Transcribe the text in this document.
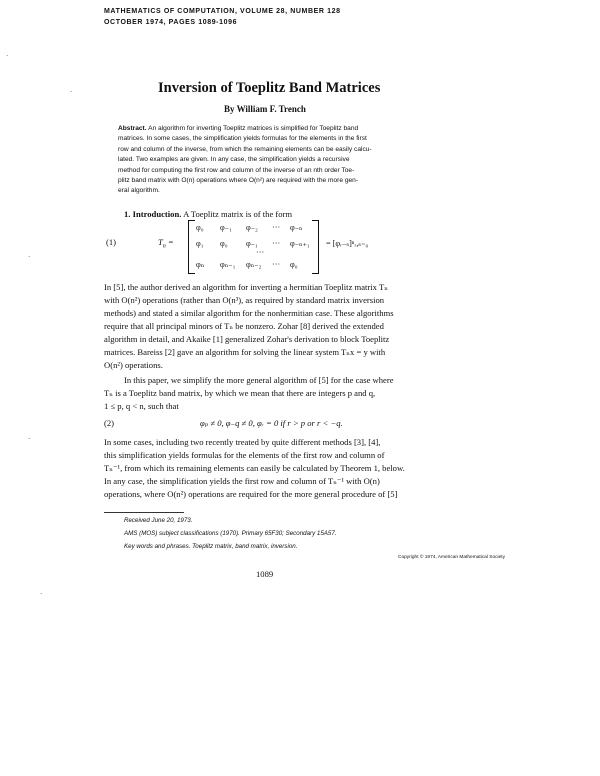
MATHEMATICS OF COMPUTATION, VOLUME 28, NUMBER 128
OCTOBER 1974, PAGES 1089-1096
·
·
·
·
·
Inversion of Toeplitz Band Matrices
By William F. Trench
Abstract. An algorithm for inverting Toeplitz matrices is simplified for Toeplitz band
matrices. In some cases, the simplification yields formulas for the elements in the first
row and column of the inverse, from which the remaining elements can be easily calcu-
lated. Two examples are given. In any case, the simplification yields a recursive
method for computing the first row and column of the inverse of an nth order Toe-
plitz band matrix with O(n) operations where O(n²) are required with the more gen-
eral algorithm.
1. Introduction. A Toeplitz matrix is of the form
(1)	$T_n$ =
φ₀ φ₋₁ φ₋₂ ··· φ₋ₙ
φ₁ φ₀ φ₋₁ ··· φ₋ₙ₊₁
···
φₙ φₙ₋₁ φₙ₋₂ ··· φ₀
= [φᵣ₋ₛ]ⁿᵣ,ₛ₌₀
In [5], the author derived an algorithm for inverting a hermitian Toeplitz matrix Tₙ
with O(n²) operations (rather than O(n³), as required by standard matrix inversion
methods) and stated a similar algorithm for the nonhermitian case. These algorithms
require that all principal minors of Tₙ be nonzero. Zohar [8] derived the extended
algorithm in detail, and Akaike [1] generalized Zohar's derivation to block Toeplitz
matrices. Bareiss [2] gave an algorithm for solving the linear system Tₙx = y with
O(n²) operations.
In this paper, we simplify the more general algorithm of [5] for the case where
Tₙ is a Toeplitz band matrix, by which we mean that there are integers p and q,
1 ≤ p, q < n, such that
(2)	φₚ ≠ 0, φ₋q ≠ 0, φᵣ = 0 if r > p or r < −q.
In some cases, including two recently treated by quite different methods [3], [4],
this simplification yields formulas for the elements of the first row and column of
Tₙ⁻¹, from which its remaining elements can easily be calculated by Theorem 1, below.
In any case, the simplification yields the first row and column of Tₙ⁻¹ with O(n)
operations, where O(n²) operations are required for the more general procedure of [5]
Received June 20, 1973.
AMS (MOS) subject classifications (1970). Primary 65F30; Secondary 15A57.
Key words and phrases. Toeplitz matrix, band matrix, inversion.
Copyright © 1974, American Mathematical Society
1089
